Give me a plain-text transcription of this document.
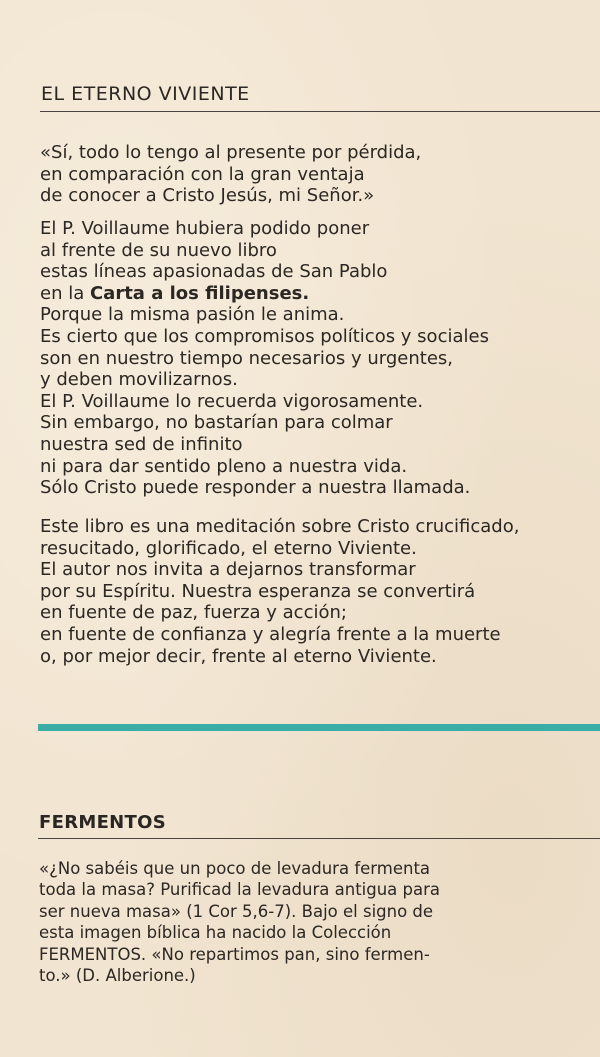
EL ETERNO VIVIENTE

«Sí, todo lo tengo al presente por pérdida,

en comparación con la gran ventaja

de conocer a Cristo Jesús, mi Señor.»

El P. Voillaume hubiera podido poner

al frente de su nuevo libro

estas líneas apasionadas de San Pablo

en la Carta a los filipenses.

Porque la misma pasión le anima.

Es cierto que los compromisos políticos y sociales

son en nuestro tiempo necesarios y urgentes,

y deben movilizarnos.

El P. Voillaume lo recuerda vigorosamente.

Sin embargo, no bastarían para colmar

nuestra sed de infinito

ni para dar sentido pleno a nuestra vida.

Sólo Cristo puede responder a nuestra llamada.

Este libro es una meditación sobre Cristo crucificado,

resucitado, glorificado, el eterno Viviente.

El autor nos invita a dejarnos transformar

por su Espíritu. Nuestra esperanza se convertirá

en fuente de paz, fuerza y acción;

en fuente de confianza y alegría frente a la muerte

o, por mejor decir, frente al eterno Viviente.

FERMENTOS

«¿No sabéis que un poco de levadura fermenta

toda la masa? Purificad la levadura antigua para

ser nueva masa» (1 Cor 5,6-7). Bajo el signo de

esta imagen bíblica ha nacido la Colección

FERMENTOS. «No repartimos pan, sino fermen-

to.» (D. Alberione.)
